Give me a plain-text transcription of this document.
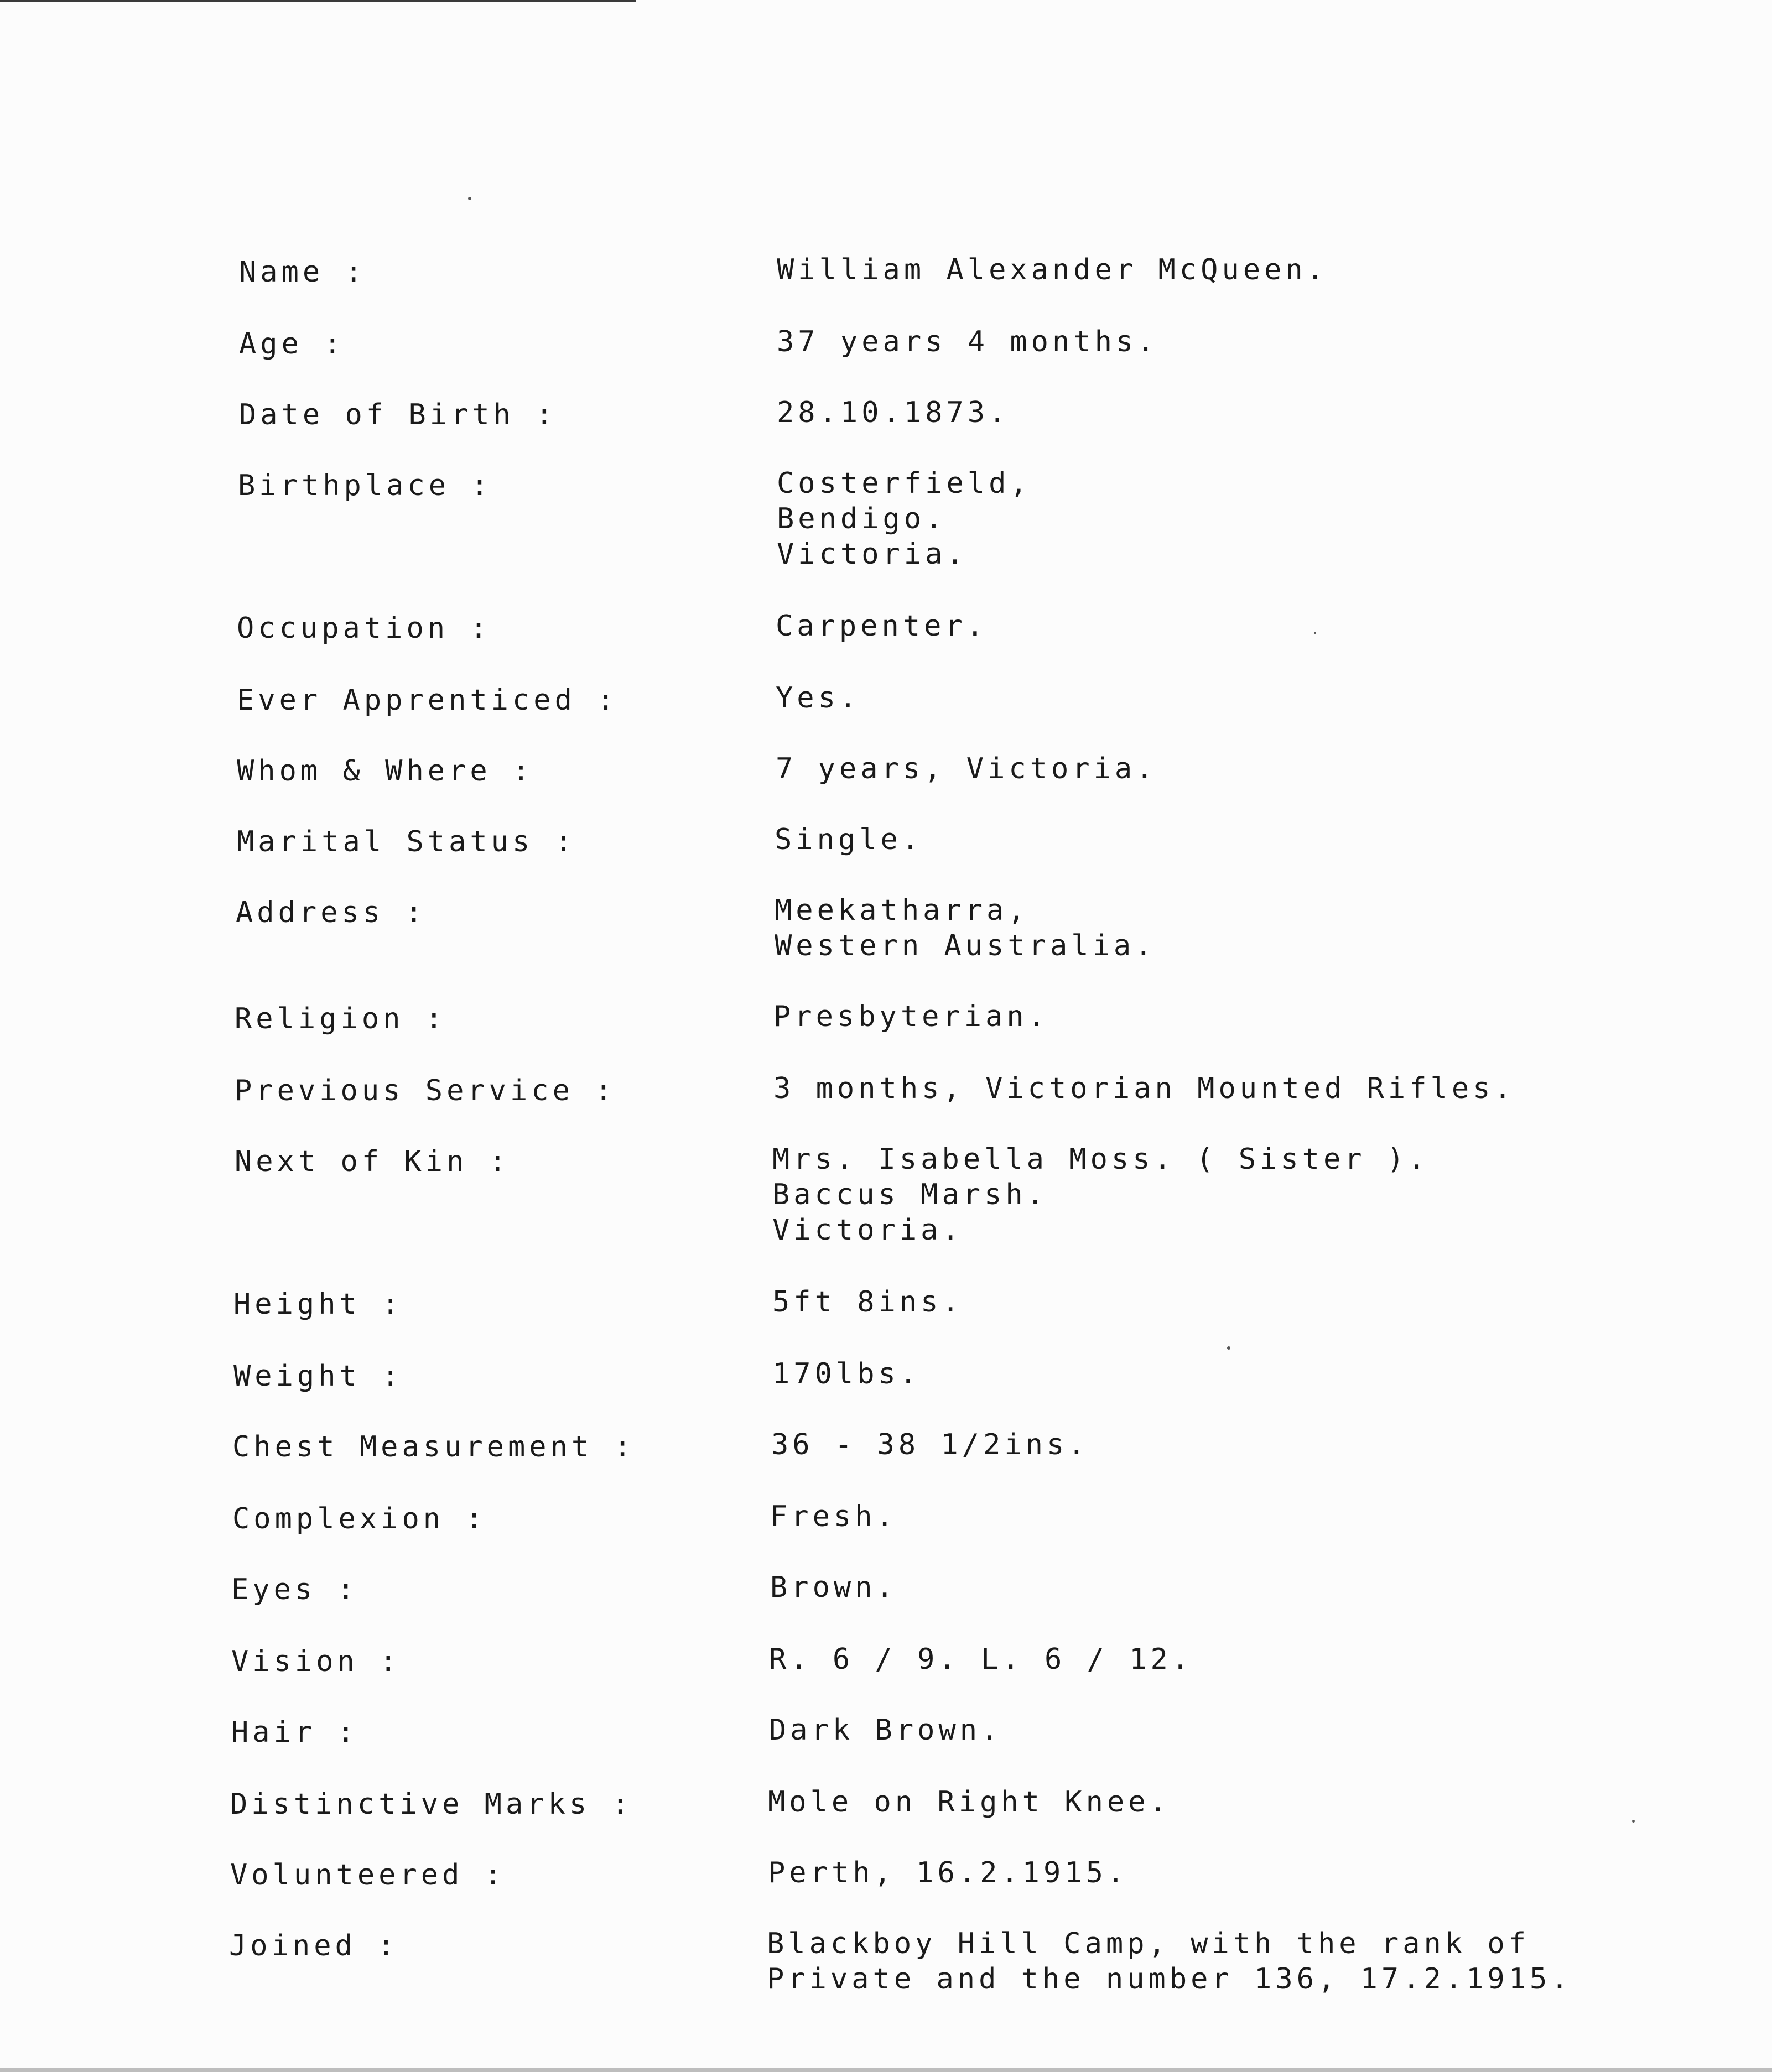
Name :	William Alexander McQueen.
Age :	37 years 4 months.
Date of Birth :	28.10.1873.
Birthplace :	Costerfield,
Bendigo.
Victoria.
Occupation :	Carpenter.
Ever Apprenticed :	Yes.
Whom & Where :	7 years, Victoria.
Marital Status :	Single.
Address :	Meekatharra,
Western Australia.
Religion :	Presbyterian.
Previous Service :	3 months, Victorian Mounted Rifles.
Next of Kin :	Mrs. Isabella Moss. ( Sister ).
Baccus Marsh.
Victoria.
Height :	5ft 8ins.
Weight :	170lbs.
Chest Measurement :	36 - 38 1/2ins.
Complexion :	Fresh.
Eyes :	Brown.
Vision :	R. 6 / 9. L. 6 / 12.
Hair :	Dark Brown.
Distinctive Marks :	Mole on Right Knee.
Volunteered :	Perth, 16.2.1915.
Joined :	Blackboy Hill Camp, with the rank of
Private and the number 136, 17.2.1915.
